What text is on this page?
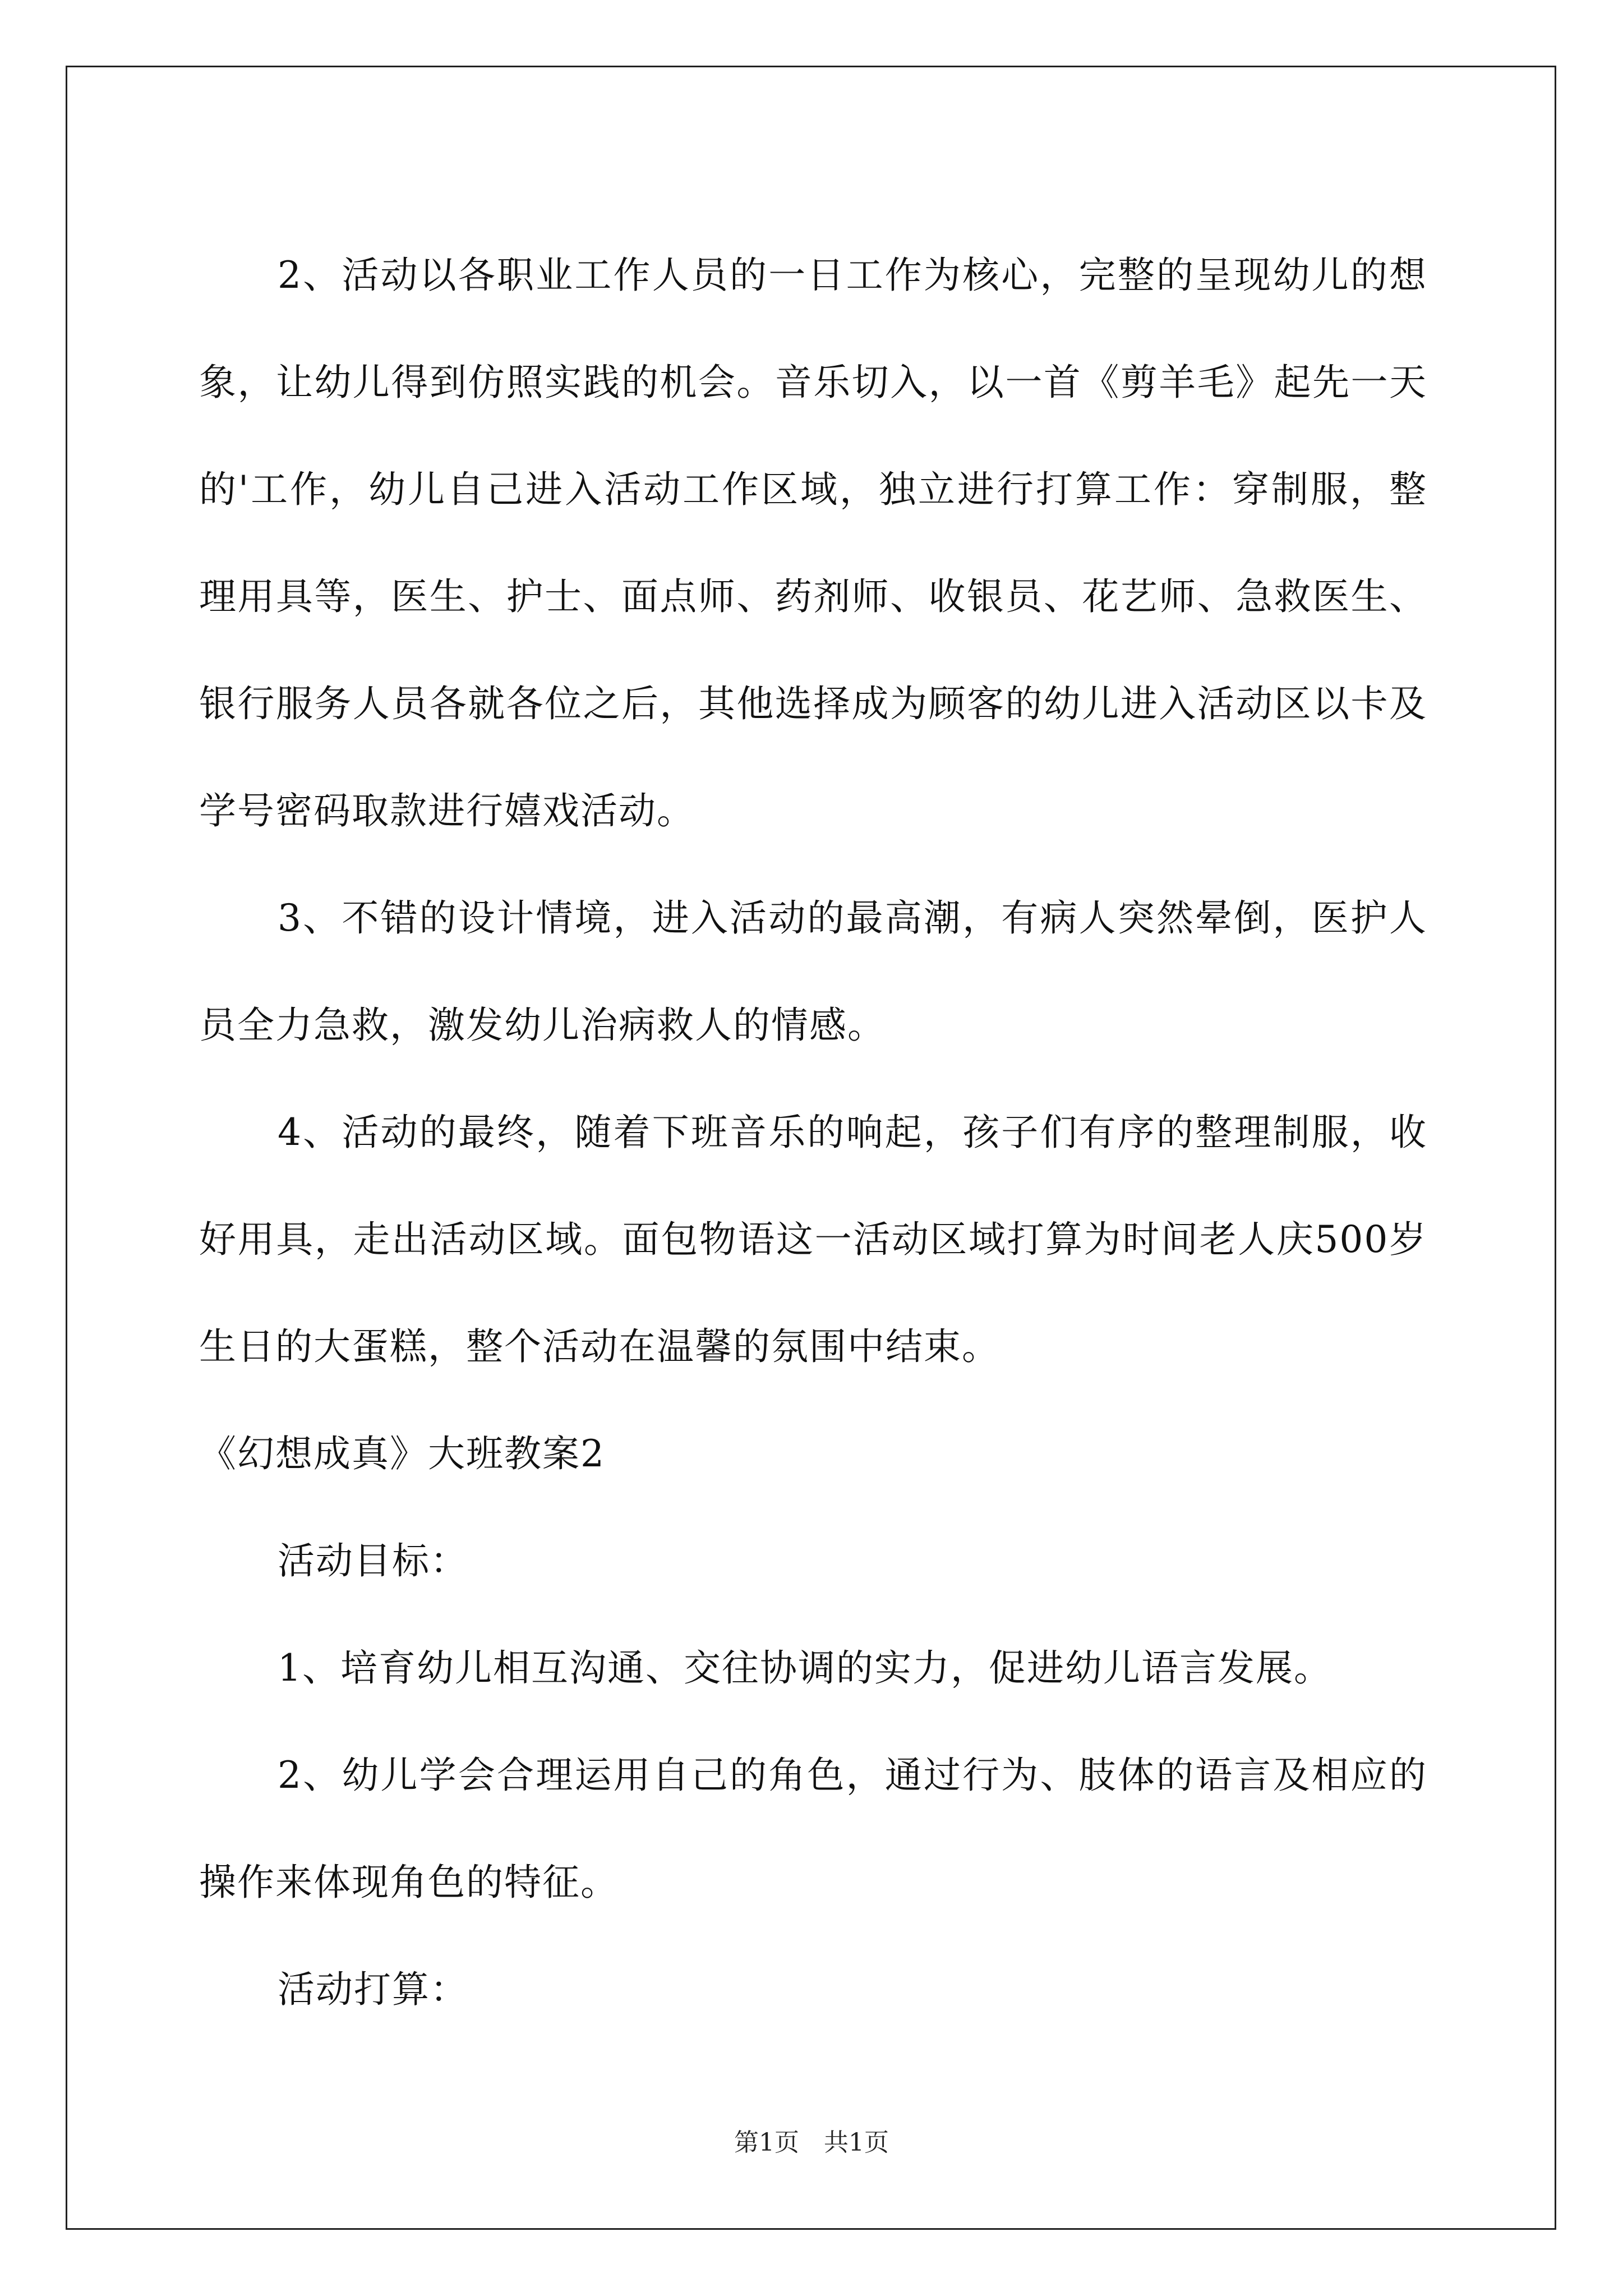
2、活动以各职业工作人员的一日工作为核心，完整的呈现幼儿的想象，让幼儿得到仿照实践的机会。音乐切入，以一首《剪羊毛》起先一天的'工作，幼儿自己进入活动工作区域，独立进行打算工作：穿制服，整理用具等，医生、护士、面点师、药剂师、收银员、花艺师、急救医生、银行服务人员各就各位之后，其他选择成为顾客的幼儿进入活动区以卡及学号密码取款进行嬉戏活动。

3、不错的设计情境，进入活动的最高潮，有病人突然晕倒，医护人员全力急救，激发幼儿治病救人的情感。

4、活动的最终，随着下班音乐的响起，孩子们有序的整理制服，收好用具，走出活动区域。面包物语这一活动区域打算为时间老人庆500岁生日的大蛋糕，整个活动在温馨的氛围中结束。

《幻想成真》大班教案2

活动目标：

1、培育幼儿相互沟通、交往协调的实力，促进幼儿语言发展。

2、幼儿学会合理运用自己的角色，通过行为、肢体的语言及相应的操作来体现角色的特征。

活动打算：

第1页　共1页
